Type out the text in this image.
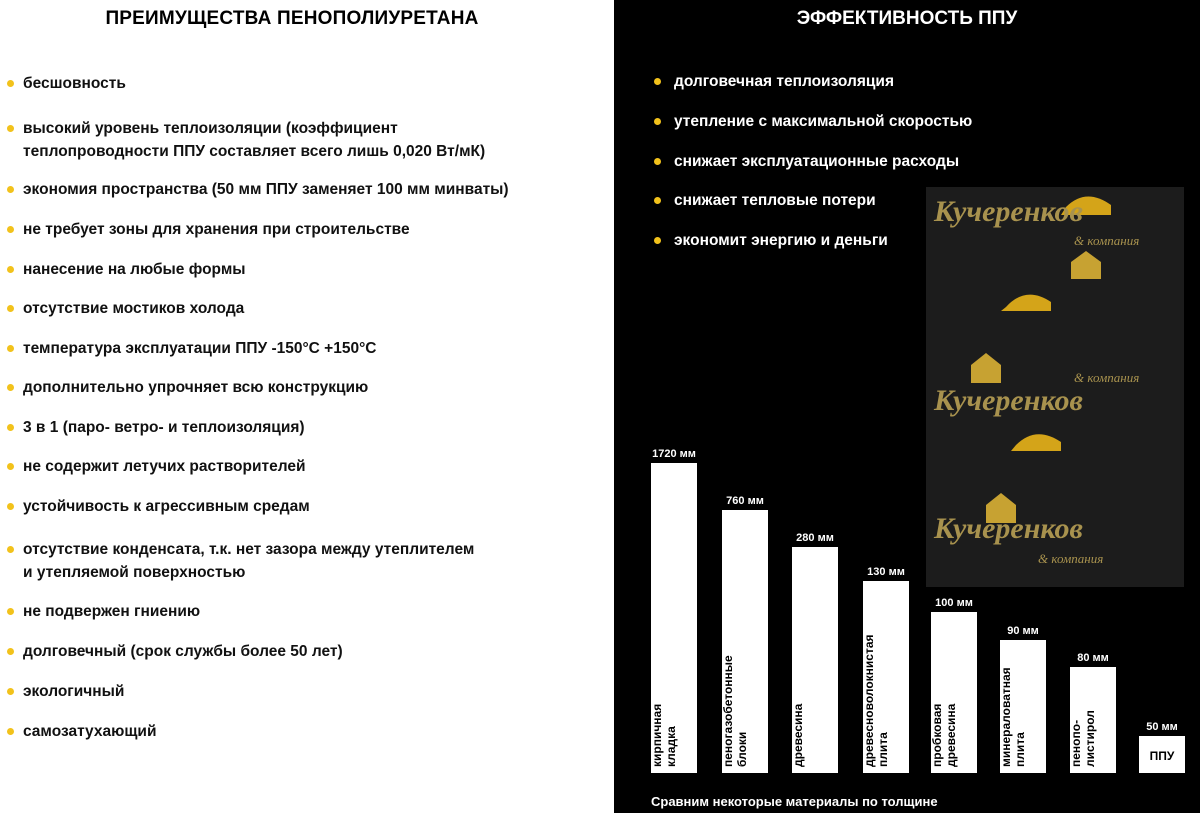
ПРЕИМУЩЕСТВА ПЕНОПОЛИУРЕТАНА
бесшовность
высокий уровень теплоизоляции (коэффициент
теплопроводности ППУ составляет всего лишь 0,020 Вт/мК)
экономия пространства (50 мм ППУ заменяет 100 мм минваты)
не требует зоны для хранения при строительстве
нанесение на любые формы
отсутствие мостиков холода
температура эксплуатации ППУ -150°С +150°С
дополнительно упрочняет всю конструкцию
3 в 1 (паро- ветро- и теплоизоляция)
не содержит летучих растворителей
устойчивость к агрессивным средам
отсутствие конденсата, т.к. нет зазора между утеплителем
и утепляемой поверхностью
не подвержен гниению
долговечный (срок службы более 50 лет)
экологичный
самозатухающий
ЭФФЕКТИВНОСТЬ ППУ
долговечная теплоизоляция
утепление с максимальной скоростью
снижает эксплуатационные расходы
снижает тепловые потери
экономит энергию и деньги
Кучеренков
& компания
& компания
Кучеренков
Кучеренков
& компания
1720 мм
кирпичнаякладка
760 мм
пеногазобетонныеблоки
280 мм
древесина
130 мм
древесноволокнистаяплита
100 мм
пробковаядревесина
90 мм
минераловатнаяплита
80 мм
пенопо-листирол	50 мм
ППУ
Сравним некоторые материалы по толщине
